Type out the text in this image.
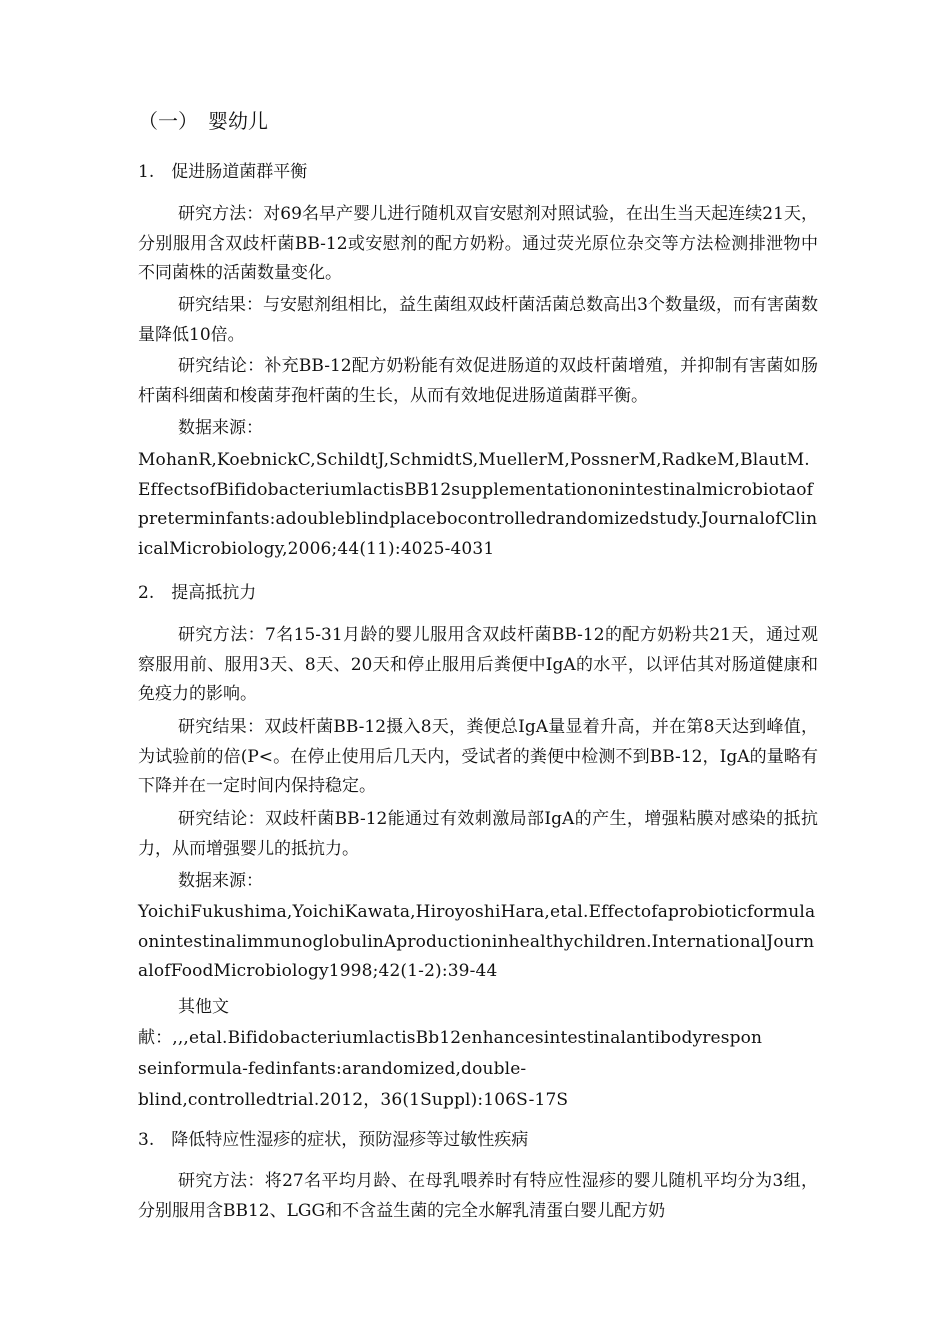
（一）　婴幼儿
1.　促进肠道菌群平衡

研究方法：对69名早产婴儿进行随机双盲安慰剂对照试验，在出生当天起连续21天，分别服用含双歧杆菌BB-12或安慰剂的配方奶粉。通过荧光原位杂交等方法检测排泄物中不同菌株的活菌数量变化。

研究结果：与安慰剂组相比，益生菌组双歧杆菌活菌总数高出3个数量级，而有害菌数量降低10倍。

研究结论：补充BB-12配方奶粉能有效促进肠道的双歧杆菌增殖，并抑制有害菌如肠杆菌科细菌和梭菌芽孢杆菌的生长，从而有效地促进肠道菌群平衡。

数据来源：

MohanR,KoebnickC,SchildtJ,SchmidtS,MuellerM,PossnerM,RadkeM,BlautM.EffectsofBifidobacteriumlactisBB12supplementationonintestinalmicrobiotaofpreterminfants:adoubleblindplacebocontrolledrandomizedstudy.JournalofClinicalMicrobiology,2006;44(11):4025-4031

2.　提高抵抗力

研究方法：7名15-31月龄的婴儿服用含双歧杆菌BB-12的配方奶粉共21天，通过观察服用前、服用3天、8天、20天和停止服用后粪便中IgA的水平，以评估其对肠道健康和免疫力的影响。

研究结果：双歧杆菌BB-12摄入8天，粪便总IgA量显着升高，并在第8天达到峰值，为试验前的倍(P<。在停止使用后几天内，受试者的粪便中检测不到BB-12，IgA的量略有下降并在一定时间内保持稳定。

研究结论：双歧杆菌BB-12能通过有效刺激局部IgA的产生，增强粘膜对感染的抵抗力，从而增强婴儿的抵抗力。

数据来源：

YoichiFukushima,YoichiKawata,HiroyoshiHara,etal.EffectofaprobioticformulaonintestinalimmunoglobulinAproductioninhealthychildren.InternationalJournalofFoodMicrobiology1998;42(1-2):39-44

其他文
献：,,,etal.BifidobacteriumlactisBb12enhancesintestinalantibodyrespon
seinformula-fedinfants:arandomized,double-
blind,controlledtrial.2012，36(1Suppl):106S-17S
3.　降低特应性湿疹的症状，预防湿疹等过敏性疾病

研究方法：将27名平均月龄、在母乳喂养时有特应性湿疹的婴儿随机平均分为3组，分别服用含BB12、LGG和不含益生菌的完全水解乳清蛋白婴儿配方奶
